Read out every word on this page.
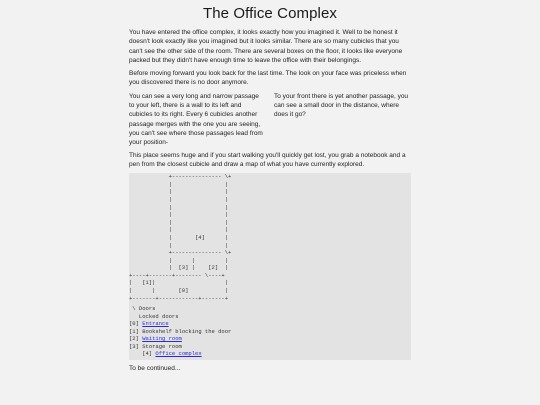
The Office Complex

You have entered the office complex, it looks exactly how you imagined it. Well to be honest it doesn't look exactly like you imagined but it looks similar. There are so many cubicles that you can't see the other side of the room. There are several boxes on the floor, it looks like everyone packed but they didn't have enough time to leave the office with their belongings.

Before moving forward you look back for the last time. The look on your face was priceless when you discovered there is no door anymore.

You can see a very long and narrow passage to your left, there is a wall to its left and cubicles to its right. Every 6 cubicles another passage merges with the one you are seeing, you can't see where those passages lead from your position-

To your front there is yet another passage, you can see a small door in the distance, where does it go?

This place seems huge and if you start walking you'll quickly get lost, you grab a notebook and a pen from the closest cubicle and draw a map of what you have currently explored.

+--------------- \+
|                |
|                |
|                |
|                |
|                |
|                |
|                |
|       [4]      |
|                |
+--------------- \+
|      |         |
|  [3] |    [2]  |
+----+-------+-------- \----+
|   [1]|                     |
|      |       [0]           |
+-------+------------+-------+
\ Doors
Locked doors
[0] Entrance
[1] Bookshelf blocking the door
[2] Waiting room
[3] Storage room
[4] Office complex

To be continued...
